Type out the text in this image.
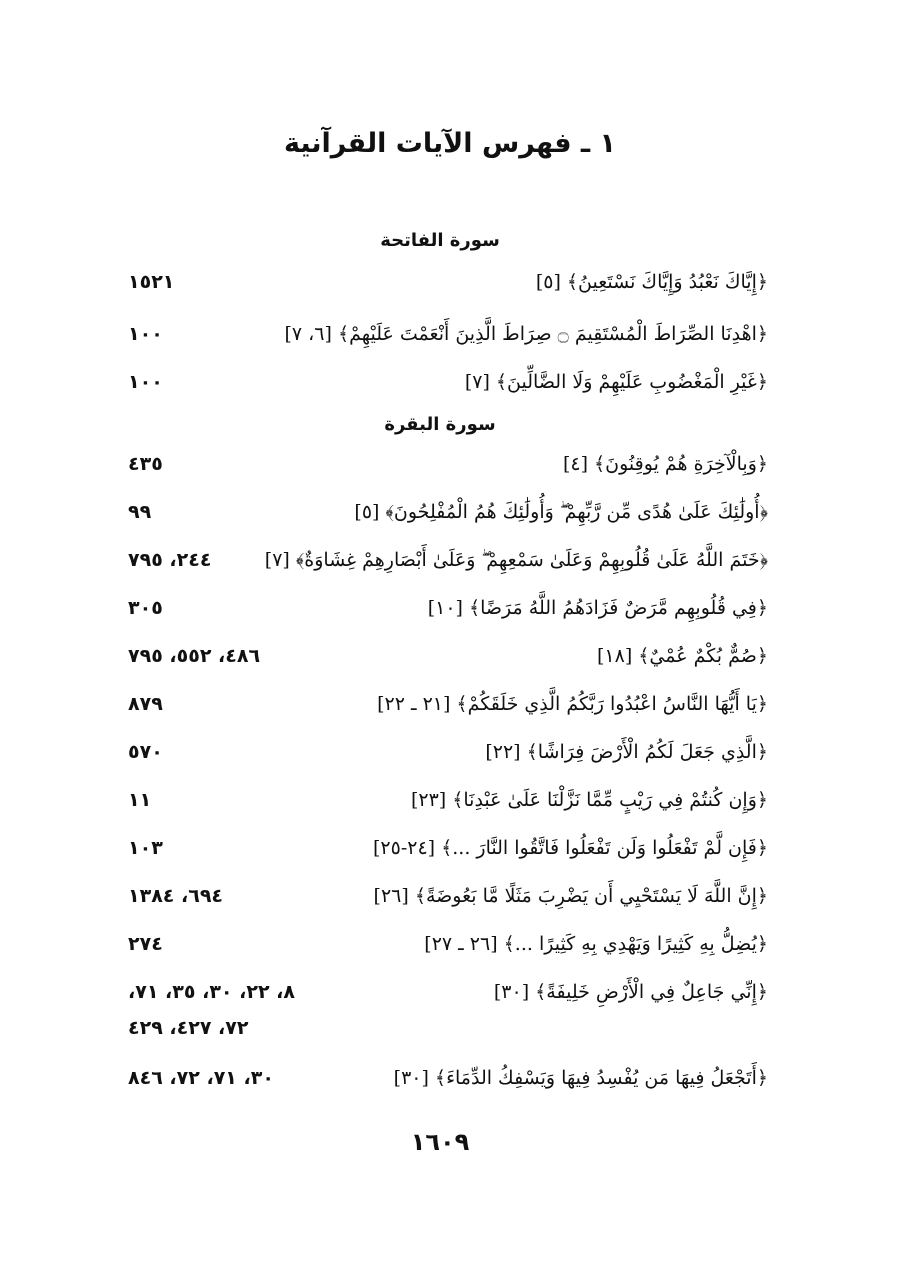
١ ـ فهرس الآيات القرآنية
سورة الفاتحة
﴿إِيَّاكَ نَعْبُدُ وَإِيَّاكَ نَسْتَعِينُ﴾ [٥]
١٥٢١
﴿اهْدِنَا الصِّرَاطَ الْمُسْتَقِيمَ ۝ صِرَاطَ الَّذِينَ أَنْعَمْتَ عَلَيْهِمْ﴾ [٦، ٧]
١٠٠
﴿غَيْرِ الْمَغْضُوبِ عَلَيْهِمْ وَلَا الضَّالِّينَ﴾ [٧]
١٠٠
سورة البقرة
﴿وَبِالْآخِرَةِ هُمْ يُوقِنُونَ﴾ [٤]
٤٣٥
﴿أُولَٰئِكَ عَلَىٰ هُدًى مِّن رَّبِّهِمْ ۖ وَأُولَٰئِكَ هُمُ الْمُفْلِحُونَ﴾ [٥]
٩٩
﴿خَتَمَ اللَّهُ عَلَىٰ قُلُوبِهِمْ وَعَلَىٰ سَمْعِهِمْ ۖ وَعَلَىٰ أَبْصَارِهِمْ غِشَاوَةٌ﴾ [٧]
٢٤٤، ٧٩٥
﴿فِي قُلُوبِهِم مَّرَضٌ فَزَادَهُمُ اللَّهُ مَرَضًا﴾ [١٠]
٣٠٥
﴿صُمٌّ بُكْمٌ عُمْيٌ﴾ [١٨]
٤٨٦، ٥٥٢، ٧٩٥
﴿يَا أَيُّهَا النَّاسُ اعْبُدُوا رَبَّكُمُ الَّذِي خَلَقَكُمْ﴾ [٢١ ـ ٢٢]
٨٧٩
﴿الَّذِي جَعَلَ لَكُمُ الْأَرْضَ فِرَاشًا﴾ [٢٢]
٥٧٠
﴿وَإِن كُنتُمْ فِي رَيْبٍ مِّمَّا نَزَّلْنَا عَلَىٰ عَبْدِنَا﴾ [٢٣]
١١
﴿فَإِن لَّمْ تَفْعَلُوا وَلَن تَفْعَلُوا فَاتَّقُوا النَّارَ ...﴾ [٢٤-٢٥]
١٠٣
﴿إِنَّ اللَّهَ لَا يَسْتَحْيِي أَن يَضْرِبَ مَثَلًا مَّا بَعُوضَةً﴾ [٢٦]
٦٩٤، ١٣٨٤
﴿يُضِلُّ بِهِ كَثِيرًا وَيَهْدِي بِهِ كَثِيرًا ...﴾ [٢٦ ـ ٢٧]
٢٧٤
﴿إِنِّي جَاعِلٌ فِي الْأَرْضِ خَلِيفَةً﴾ [٣٠]
٨، ٢٢، ٣٠، ٣٥، ٧١،
٧٢، ٤٢٧، ٤٢٩
﴿أَتَجْعَلُ فِيهَا مَن يُفْسِدُ فِيهَا وَيَسْفِكُ الدِّمَاءَ﴾ [٣٠]
٣٠، ٧١، ٧٢، ٨٤٦
١٦٠٩
